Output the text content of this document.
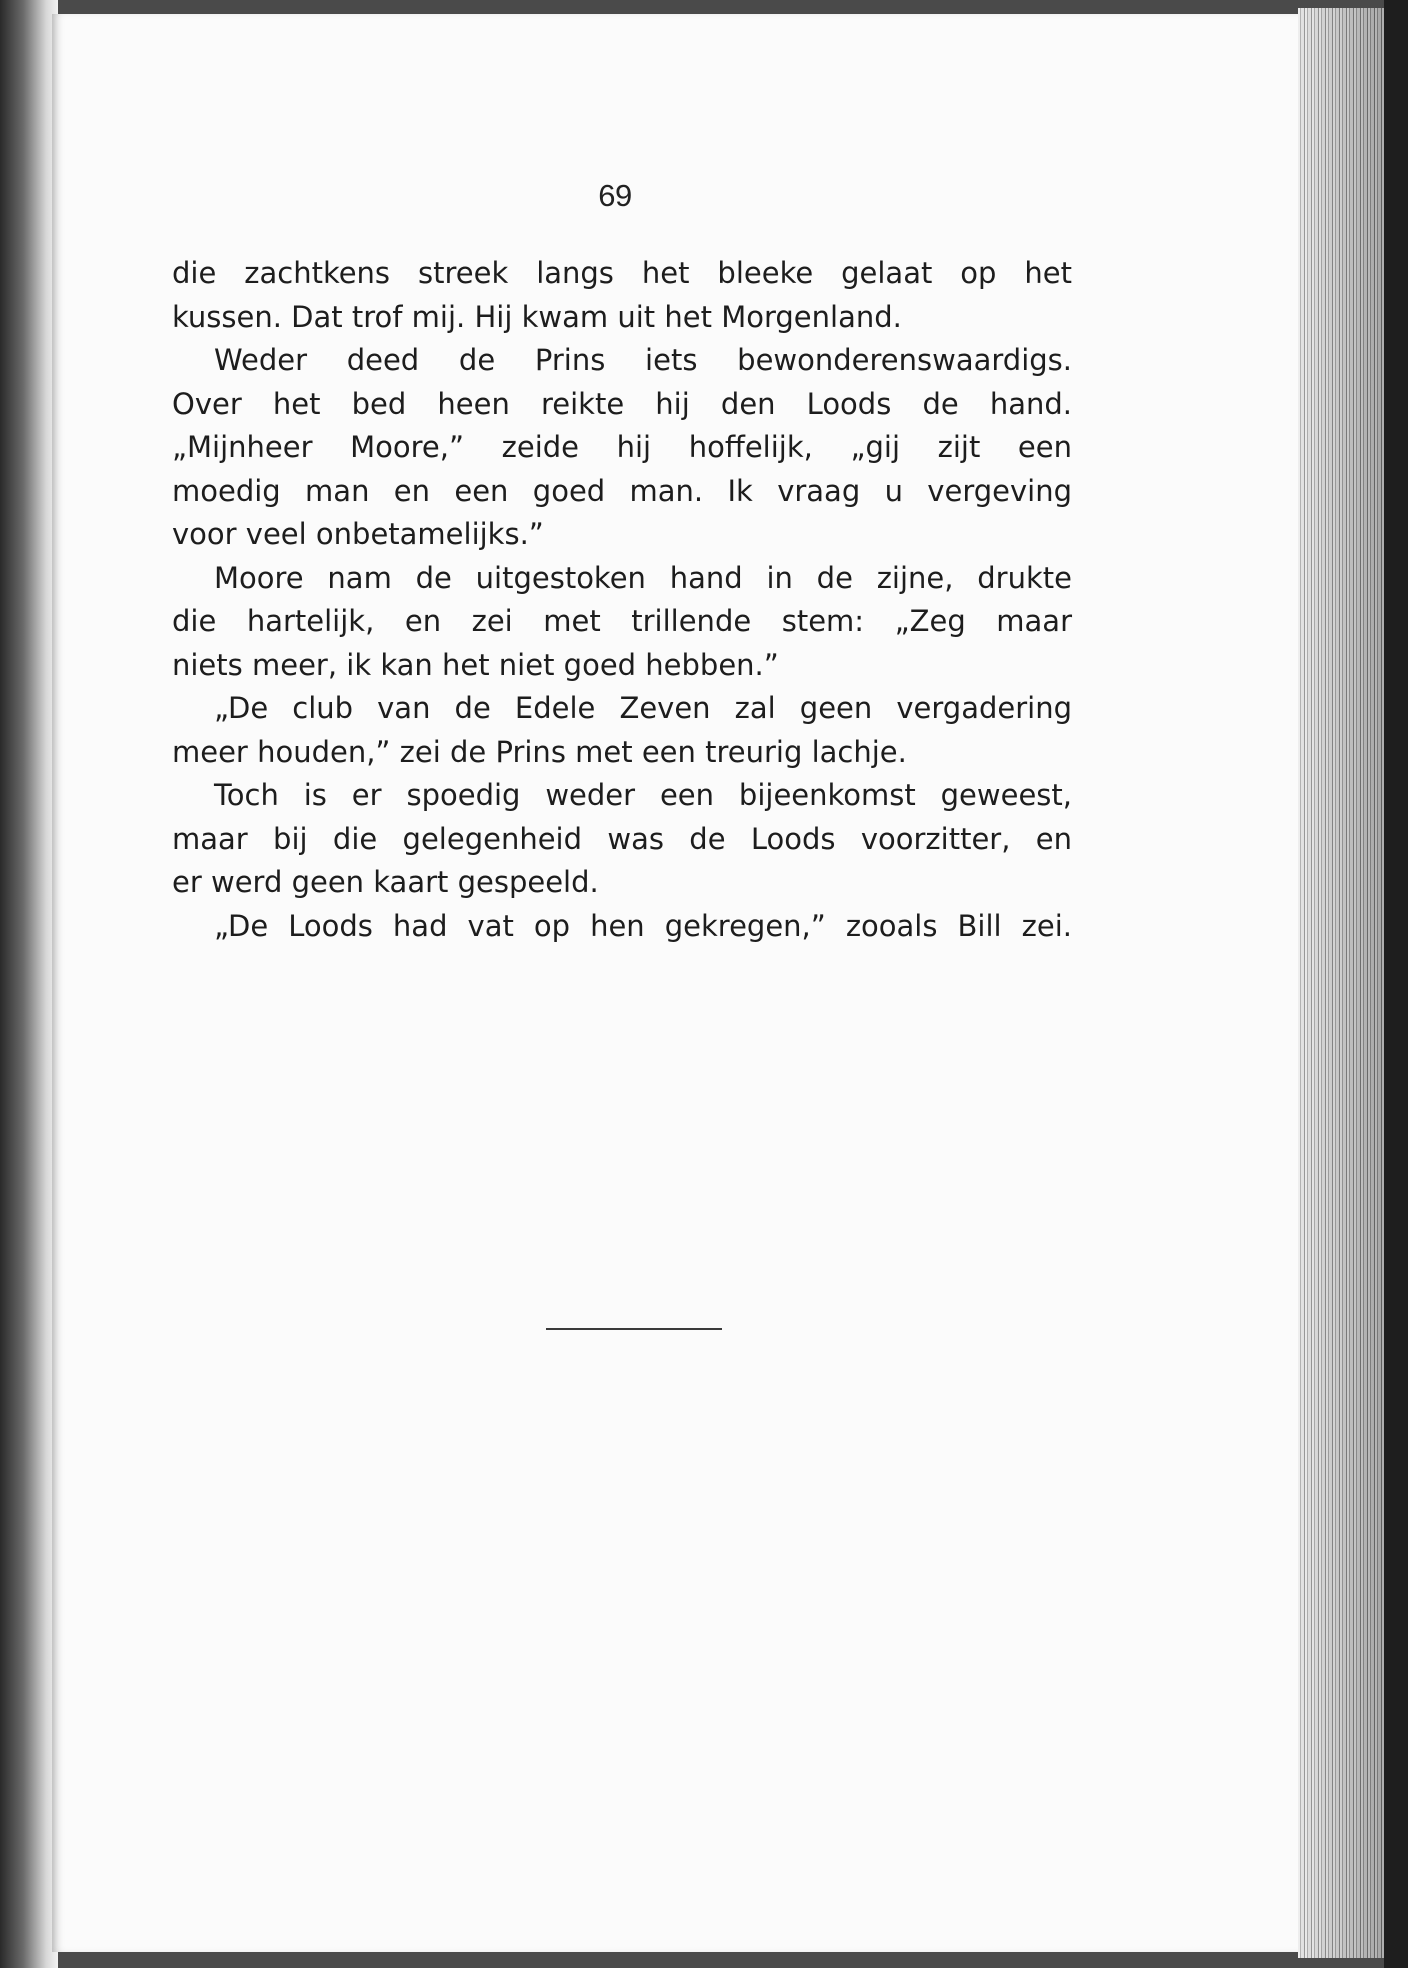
69
die zachtkens streek langs het bleeke gelaat op het
kussen. Dat trof mij. Hij kwam uit het Morgenland.
Weder deed de Prins iets bewonderenswaardigs.
Over het bed heen reikte hij den Loods de hand.
„Mijnheer Moore,” zeide hij hoffelijk, „gij zijt een
moedig man en een goed man. Ik vraag u vergeving
voor veel onbetamelijks.”
Moore nam de uitgestoken hand in de zijne, drukte
die hartelijk, en zei met trillende stem: „Zeg maar
niets meer, ik kan het niet goed hebben.”
„De club van de Edele Zeven zal geen vergadering
meer houden,” zei de Prins met een treurig lachje.
Toch is er spoedig weder een bijeenkomst geweest,
maar bij die gelegenheid was de Loods voorzitter, en
er werd geen kaart gespeeld.
„De Loods had vat op hen gekregen,” zooals Bill zei.
